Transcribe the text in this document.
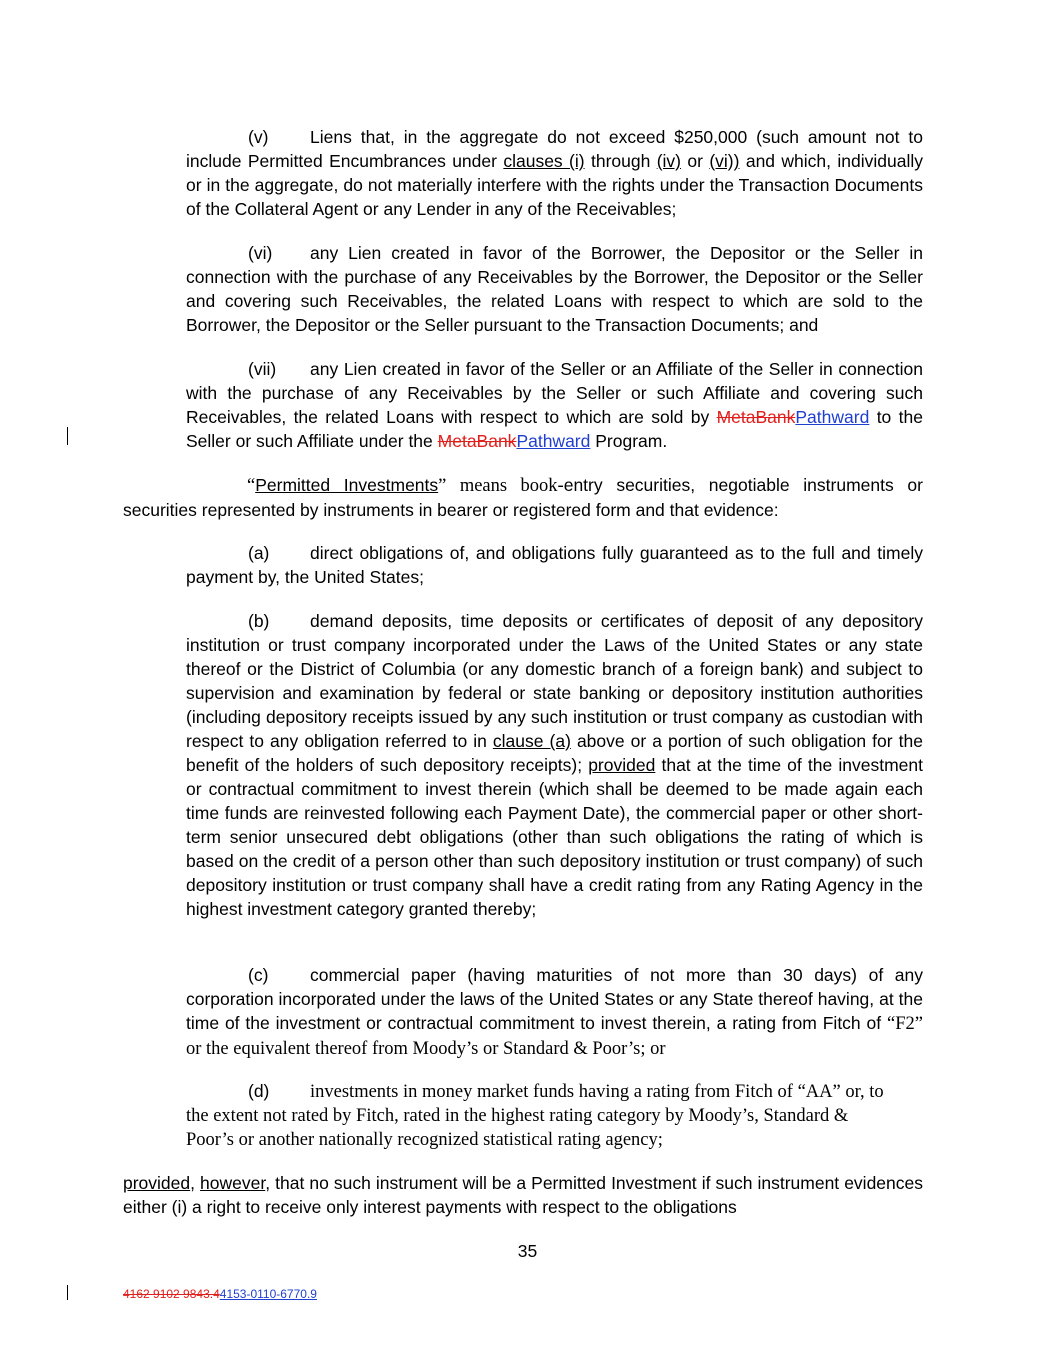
(v) Liens that, in the aggregate do not exceed $250,000 (such amount not to include Permitted Encumbrances under clauses (i) through (iv) or (vi)) and which, individually or in the aggregate, do not materially interfere with the rights under the Transaction Documents of the Collateral Agent or any Lender in any of the Receivables;

(vi) any Lien created in favor of the Borrower, the Depositor or the Seller in connection with the purchase of any Receivables by the Borrower, the Depositor or the Seller and covering such Receivables, the related Loans with respect to which are sold to the Borrower, the Depositor or the Seller pursuant to the Transaction Documents; and

(vii) any Lien created in favor of the Seller or an Affiliate of the Seller in connection with the purchase of any Receivables by the Seller or such Affiliate and covering such Receivables, the related Loans with respect to which are sold by MetaBankPathward to the Seller or such Affiliate under the MetaBankPathward Program.

“Permitted Investments” means book-entry securities, negotiable instruments or securities represented by instruments in bearer or registered form and that evidence:

(a) direct obligations of, and obligations fully guaranteed as to the full and timely payment by, the United States;

(b) demand deposits, time deposits or certificates of deposit of any depository institution or trust company incorporated under the Laws of the United States or any state thereof or the District of Columbia (or any domestic branch of a foreign bank) and subject to supervision and examination by federal or state banking or depository institution authorities (including depository receipts issued by any such institution or trust company as custodian with respect to any obligation referred to in clause (a) above or a portion of such obligation for the benefit of the holders of such depository receipts); provided that at the time of the investment or contractual commitment to invest therein (which shall be deemed to be made again each time funds are reinvested following each Payment Date), the commercial paper or other short-term senior unsecured debt obligations (other than such obligations the rating of which is based on the credit of a person other than such depository institution or trust company) of such depository institution or trust company shall have a credit rating from any Rating Agency in the highest investment category granted thereby;

(c) commercial paper (having maturities of not more than 30 days) of any corporation incorporated under the laws of the United States or any State thereof having, at the time of the investment or contractual commitment to invest therein, a rating from Fitch of “F2” or the equivalent thereof from Moody’s or Standard & Poor’s; or

(d) investments in money market funds having a rating from Fitch of “AA” or, to the extent not rated by Fitch, rated in the highest rating category by Moody’s, Standard & Poor’s or another nationally recognized statistical rating agency;

provided, however, that no such instrument will be a Permitted Investment if such instrument evidences either (i) a right to receive only interest payments with respect to the obligations

35
4162 9102 9843.44153-0110-6770.9
